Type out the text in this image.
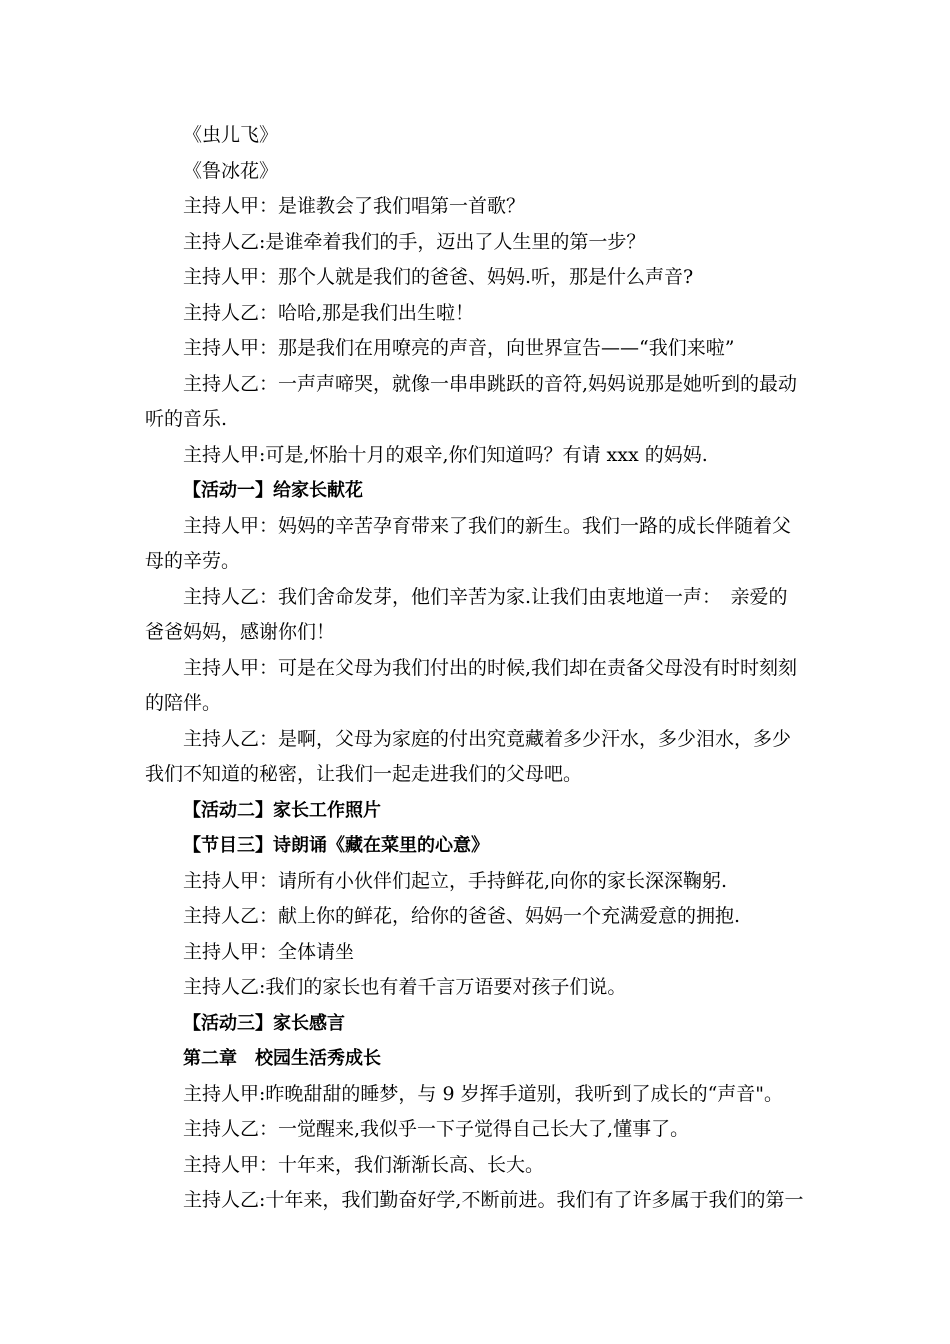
《虫儿飞》
《鲁冰花》
主持人甲：是谁教会了我们唱第一首歌？
主持人乙:是谁牵着我们的手，迈出了人生里的第一步？
主持人甲：那个人就是我们的爸爸、妈妈.听，那是什么声音?
主持人乙：哈哈,那是我们出生啦！
主持人甲：那是我们在用嘹亮的声音，向世界宣告——“我们来啦”
主持人乙：一声声啼哭，就像一串串跳跃的音符,妈妈说那是她听到的最动
听的音乐.
主持人甲:可是,怀胎十月的艰辛,你们知道吗？有请 xxx 的妈妈.
【活动一】给家长献花
主持人甲：妈妈的辛苦孕育带来了我们的新生。我们一路的成长伴随着父
母的辛劳。
主持人乙：我们舍命发芽，他们辛苦为家.让我们由衷地道一声：　亲爱的
爸爸妈妈，感谢你们！
主持人甲：可是在父母为我们付出的时候,我们却在责备父母没有时时刻刻
的陪伴。
主持人乙：是啊，父母为家庭的付出究竟藏着多少汗水，多少泪水，多少
我们不知道的秘密，让我们一起走进我们的父母吧。
【活动二】家长工作照片
【节目三】诗朗诵《藏在菜里的心意》
主持人甲：请所有小伙伴们起立，手持鲜花,向你的家长深深鞠躬.
主持人乙：献上你的鲜花，给你的爸爸、妈妈一个充满爱意的拥抱.
主持人甲：全体请坐
主持人乙:我们的家长也有着千言万语要对孩子们说。
【活动三】家长感言
第二章　校园生活秀成长
主持人甲:昨晚甜甜的睡梦，与 9 岁挥手道别，我听到了成长的“声音"。
主持人乙：一觉醒来,我似乎一下子觉得自己长大了,懂事了。
主持人甲：十年来，我们渐渐长高、长大。
主持人乙:十年来，我们勤奋好学,不断前进。我们有了许多属于我们的第一
